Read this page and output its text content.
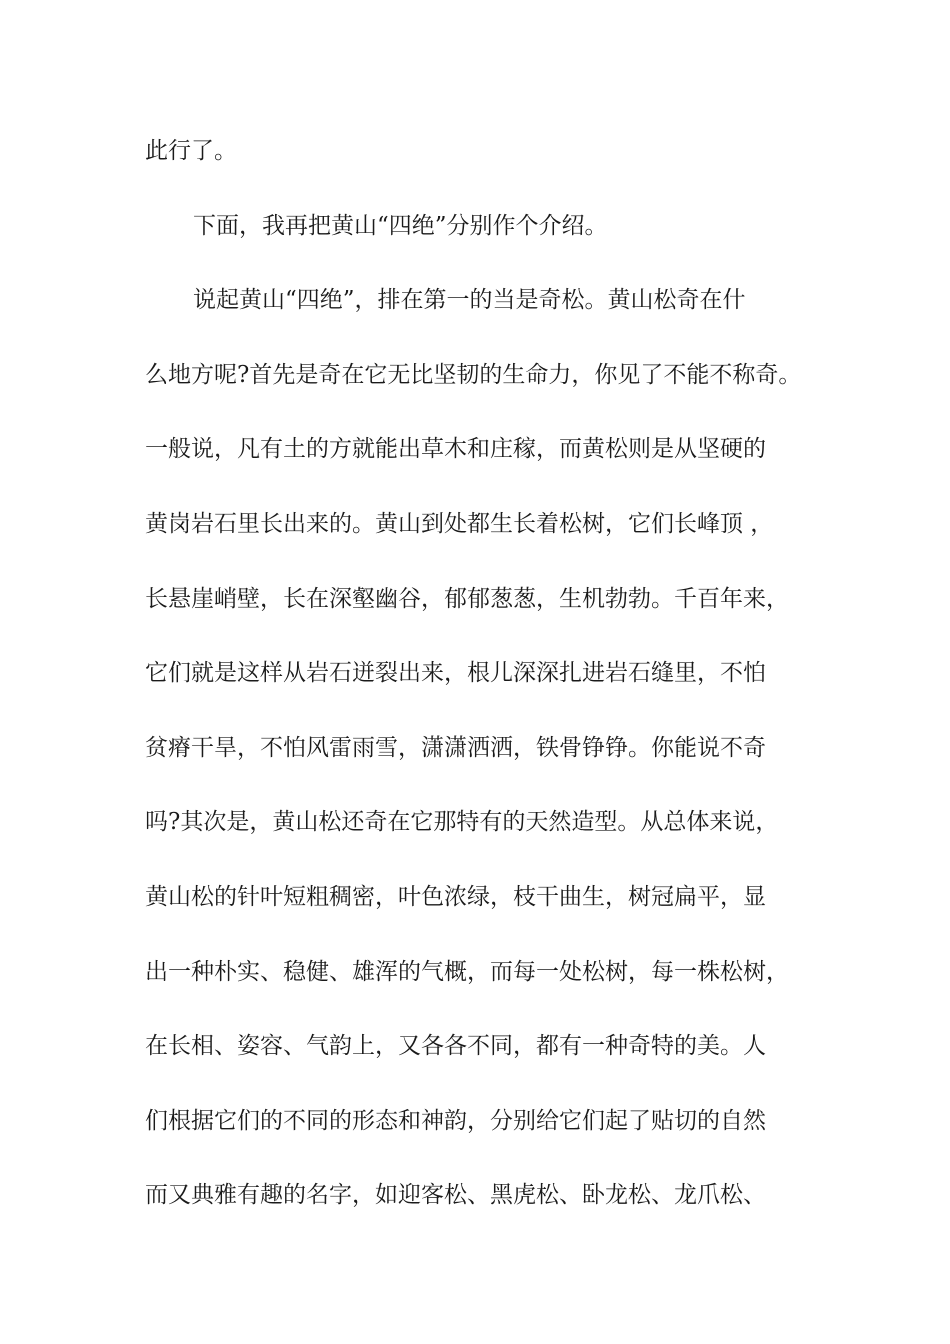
此行了。
下面，我再把黄山“四绝”分别作个介绍。
说起黄山“四绝”，排在第一的当是奇松。黄山松奇在什
么地方呢?首先是奇在它无比坚韧的生命力，你见了不能不称奇。
一般说，凡有土的方就能出草木和庄稼，而黄松则是从坚硬的
黄岗岩石里长出来的。黄山到处都生长着松树，它们长峰顶 ，
长悬崖峭壁，长在深壑幽谷，郁郁葱葱，生机勃勃。千百年来，
它们就是这样从岩石迸裂出来，根儿深深扎进岩石缝里，不怕
贫瘠干旱，不怕风雷雨雪，潇潇洒洒，铁骨铮铮。你能说不奇
吗?其次是，黄山松还奇在它那特有的天然造型。从总体来说，
黄山松的针叶短粗稠密，叶色浓绿，枝干曲生，树冠扁平，显
出一种朴实、稳健、雄浑的气概，而每一处松树，每一株松树，
在长相、姿容、气韵上，又各各不同，都有一种奇特的美。人
们根据它们的不同的形态和神韵，分别给它们起了贴切的自然
而又典雅有趣的名字，如迎客松、黑虎松、卧龙松、龙爪松、
